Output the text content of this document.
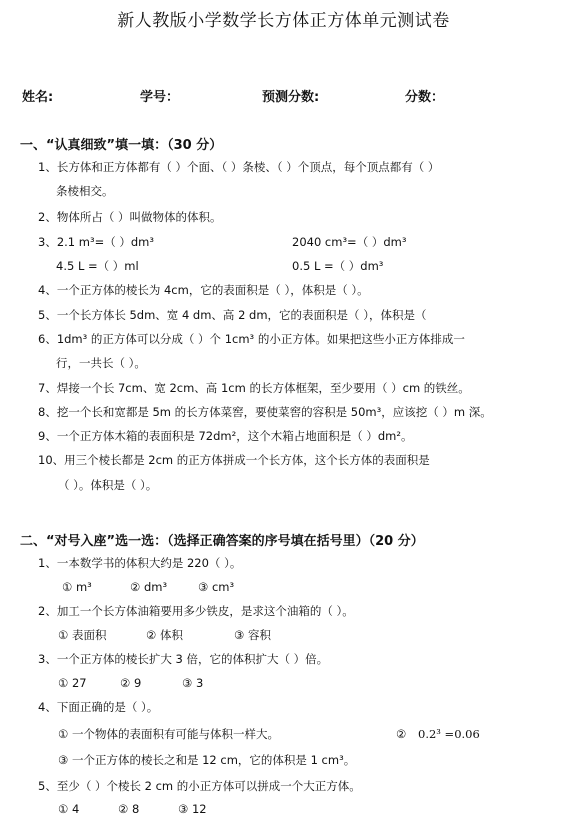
新人教版小学数学长方体正方体单元测试卷
姓名:	学号：	预测分数:	分数：
一、“认真细致”填一填：（30 分）
1、长方体和正方体都有（ ）个面、（ ）条棱、（ ）个顶点，每个顶点都有（ ）
条棱相交。
2、物体所占（ ）叫做物体的体积。
3、2.1 m³=（ ）dm³	2040 cm³=（ ）dm³
4.5 L =（ ）ml	0.5 L =（ ）dm³
4、一个正方体的棱长为 4cm，它的表面积是（ ），体积是（ ）。
5、一个长方体长 5dm、宽 4 dm、高 2 dm，它的表面积是（ ），体积是（
6、1dm³ 的正方体可以分成（ ）个 1cm³ 的小正方体。如果把这些小正方体排成一
行，一共长（ ）。
7、焊接一个长 7cm、宽 2cm、高 1cm 的长方体框架，至少要用（ ）cm 的铁丝。
8、挖一个长和宽都是 5m 的长方体菜窖，要使菜窖的容积是 50m³，应该挖（ ）m 深。
9、一个正方体木箱的表面积是 72dm²，这个木箱占地面积是（ ）dm²。
10、用三个棱长都是 2cm 的正方体拼成一个长方体，这个长方体的表面积是
（ ）。体积是（ ）。
二、“对号入座”选一选：（选择正确答案的序号填在括号里）（20 分）
1、一本数学书的体积大约是 220（ ）。
① m³	② dm³	③ cm³
2、加工一个长方体油箱要用多少铁皮，是求这个油箱的（ ）。
① 表面积	② 体积	③ 容积
3、一个正方体的棱长扩大 3 倍，它的体积扩大（ ）倍。
① 27	② 9	③ 3
4、下面正确的是（ ）。
① 一个物体的表面积有可能与体积一样大。	② 0.2³ =0.06
③ 一个正方体的棱长之和是 12 cm，它的体积是 1 cm³。
5、至少（ ）个棱长 2 cm 的小正方体可以拼成一个大正方体。
① 4	② 8	③ 12
